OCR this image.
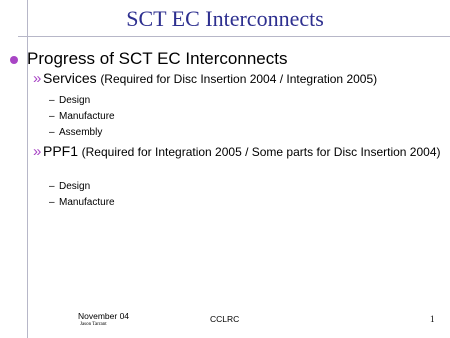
SCT EC Interconnects
Progress of SCT EC Interconnects
» Services (Required for Disc Insertion 2004 / Integration 2005)
– Design
– Manufacture
– Assembly
» PPF1 (Required for Integration 2005 / Some parts for Disc Insertion 2004)
– Design
– Manufacture
November 04
Jason Tarrant
CCLRC	1
